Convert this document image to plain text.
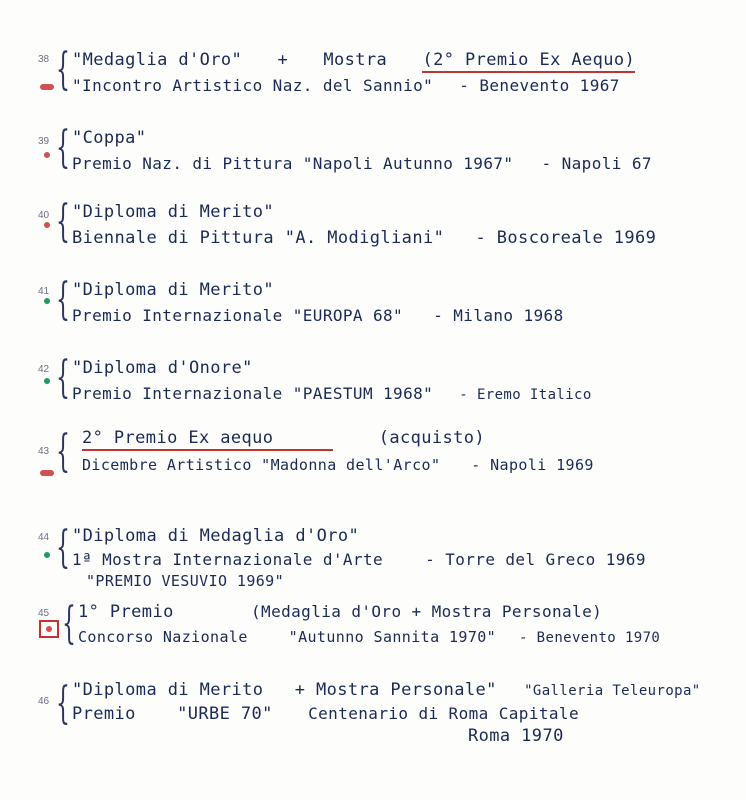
38 { "Medaglia d'Oro" + Mostra (2° Premio Ex Aequo)
"Incontro Artistico Naz. del Sannio" - Benevento 1967
39 { "Coppa"
Premio Naz. di Pittura "Napoli Autunno 1967" - Napoli 67
40 { "Diploma di Merito"
Biennale di Pittura "A. Modigliani" - Boscoreale 1969
41 { "Diploma di Merito"
Premio Internazionale "EUROPA 68" - Milano 1968
42 { "Diploma d'Onore"
Premio Internazionale "PAESTUM 1968" - Eremo Italico
43 { 2° Premio Ex aequo	(acquisto)
Dicembre Artistico "Madonna dell'Arco" - Napoli 1969
44 { "Diploma di Medaglia d'Oro"
1ª Mostra Internazionale d'Arte	- Torre del Greco 1969
"PREMIO VESUVIO 1969"
45 { 1° Premio	(Medaglia d'Oro + Mostra Personale)
Concorso Nazionale	"Autunno Sannita 1970" - Benevento 1970
46 { "Diploma di Merito + Mostra Personale" "Galleria Teleuropa"
Premio "URBE 70" Centenario di Roma Capitale
Roma 1970
